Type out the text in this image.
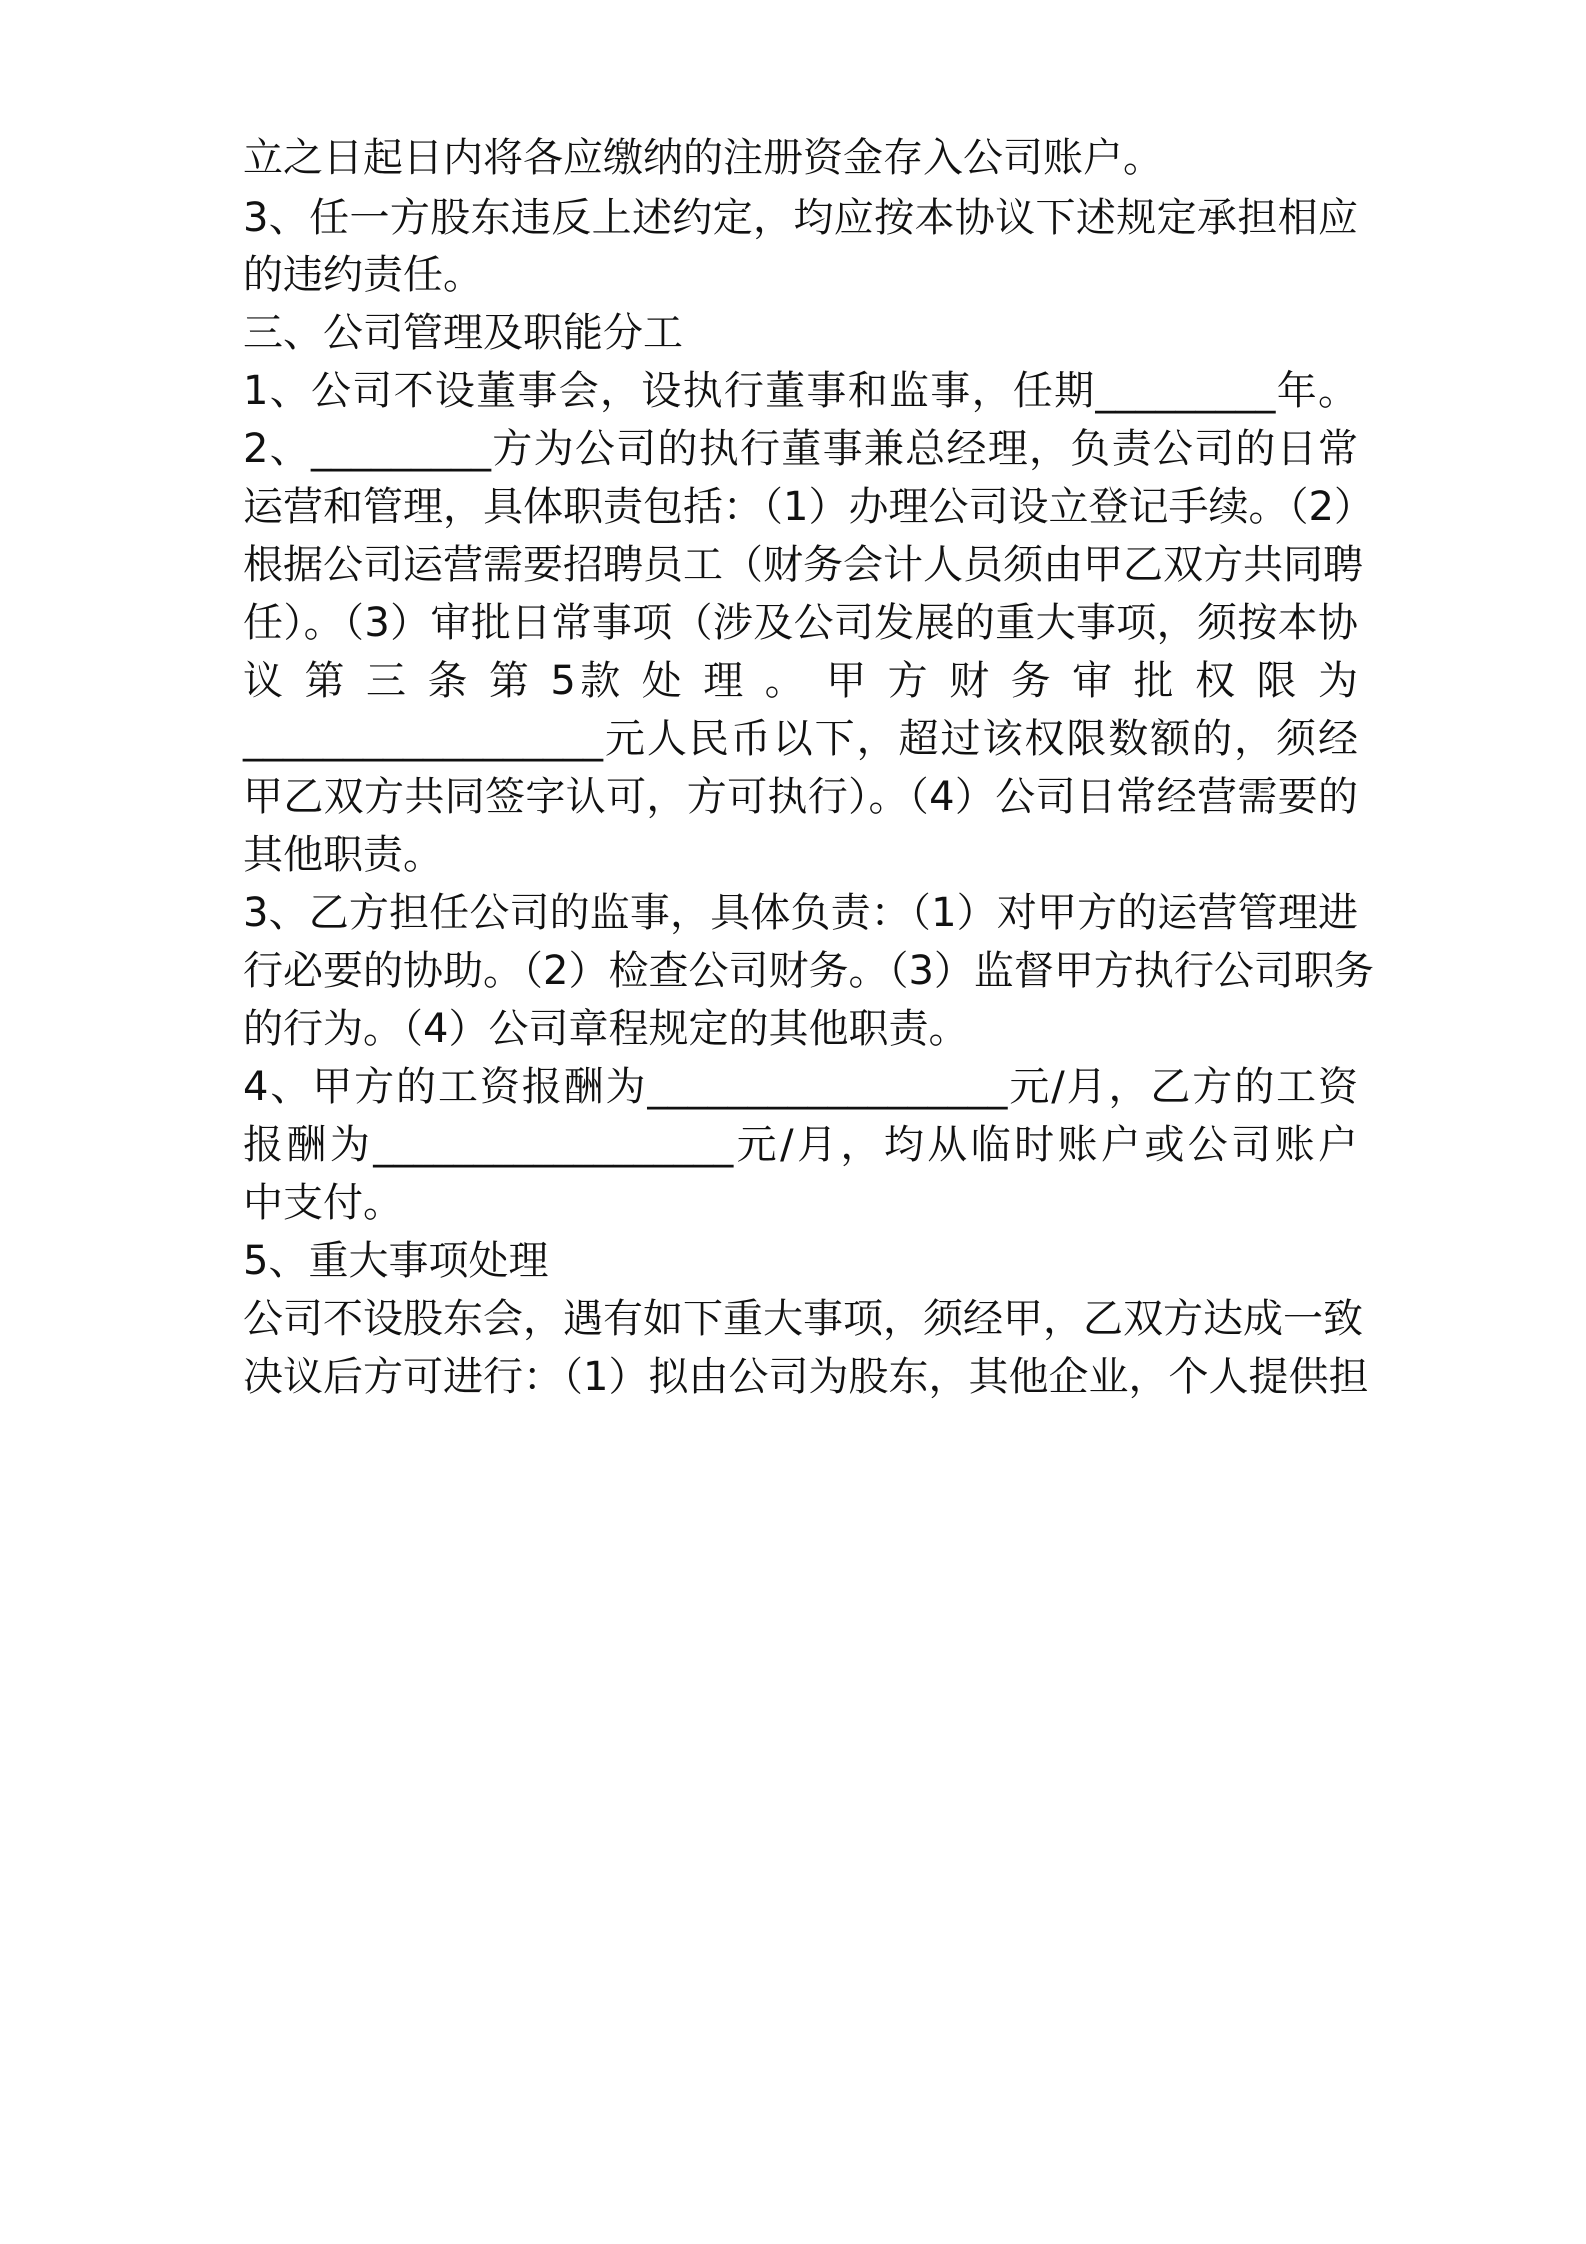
立之日起日内将各应缴纳的注册资金存入公司账户。
3、任一方股东违反上述约定，均应按本协议下述规定承担相应
的违约责任。
三、公司管理及职能分工
1、公司不设董事会，设执行董事和监事，任期_________年。
2、_________方为公司的执行董事兼总经理，负责公司的日常
运营和管理，具体职责包括：（1）办理公司设立登记手续。（2）
根据公司运营需要招聘员工（财务会计人员须由甲乙双方共同聘
任）。（3）审批日常事项（涉及公司发展的重大事项，须按本协
议 第 三 条 第 5款 处 理 。 甲 方 财 务 审 批 权 限 为
__________________元人民币以下，超过该权限数额的，须经
甲乙双方共同签字认可，方可执行）。（4）公司日常经营需要的
其他职责。
3、乙方担任公司的监事，具体负责：（1）对甲方的运营管理进
行必要的协助。（2）检查公司财务。（3）监督甲方执行公司职务
的行为。（4）公司章程规定的其他职责。
4、甲方的工资报酬为__________________元/月，乙方的工资
报酬为__________________元/月，均从临时账户或公司账户
中支付。
5、重大事项处理
公司不设股东会，遇有如下重大事项，须经甲，乙双方达成一致
决议后方可进行：（1）拟由公司为股东，其他企业，个人提供担
